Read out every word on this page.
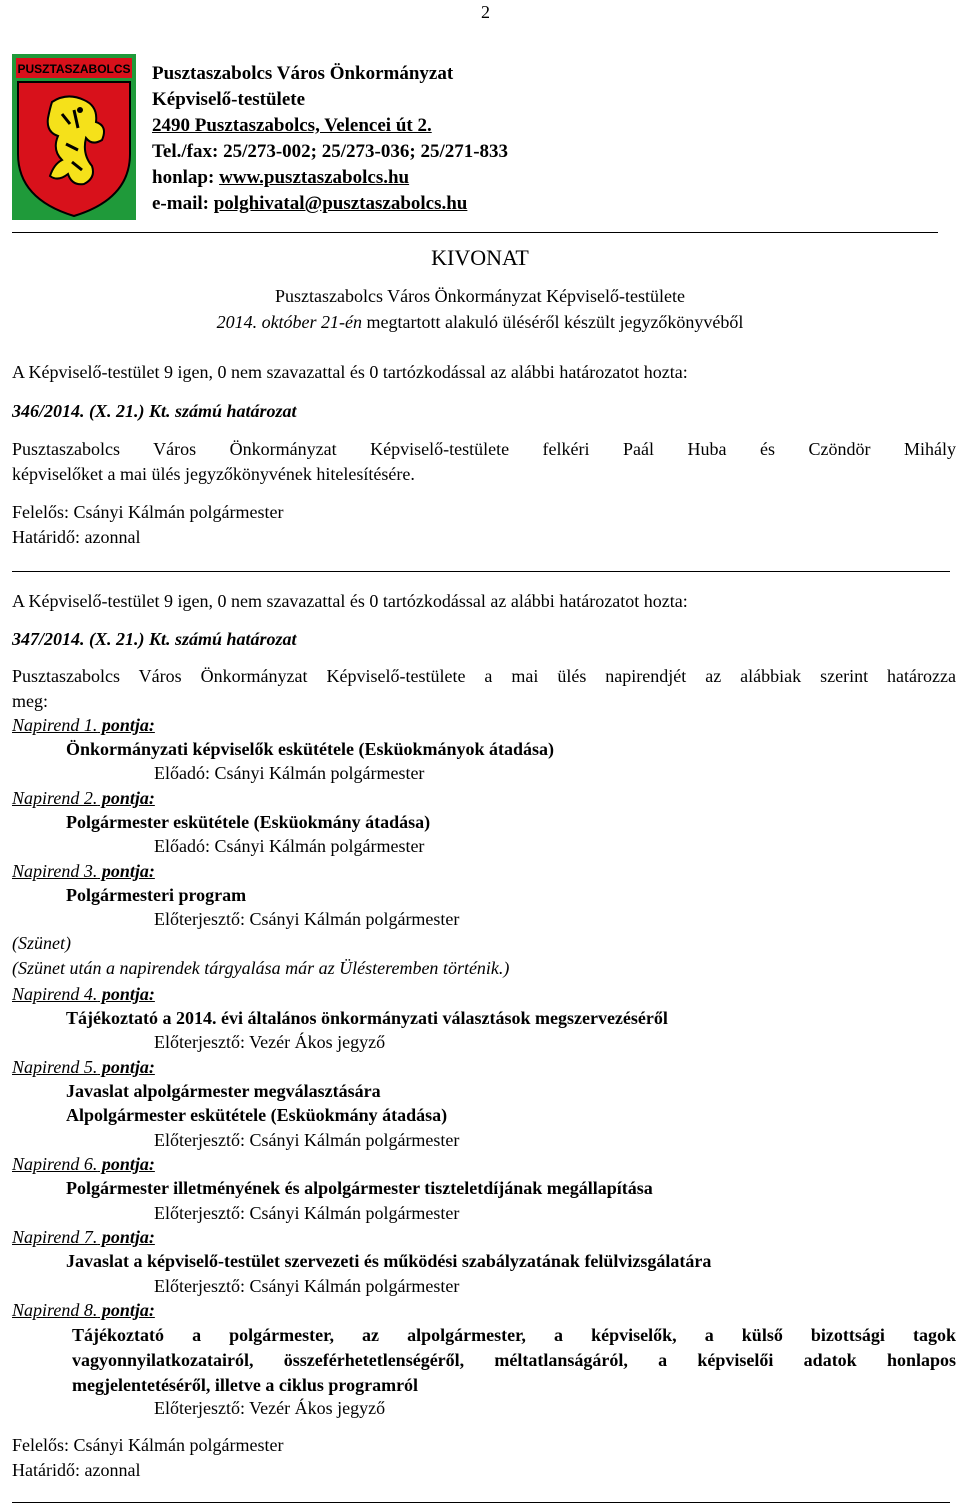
2
PUSZTASZABOLCS Pusztaszabolcs Város Önkormányzat
Képviselő-testülete
2490 Pusztaszabolcs, Velencei út 2.
Tel./fax: 25/273-002; 25/273-036; 25/271-833
honlap: www.pusztaszabolcs.hu
e-mail: polghivatal@pusztaszabolcs.hu
KIVONAT
Pusztaszabolcs Város Önkormányzat Képviselő-testülete
2014. október 21-én megtartott alakuló üléséről készült jegyzőkönyvéből
A Képviselő-testület 9 igen, 0 nem szavazattal és 0 tartózkodással az alábbi határozatot hozta:
346/2014. (X. 21.) Kt. számú határozat
Pusztaszabolcs Város Önkormányzat Képviselő-testülete felkéri Paál Huba és Czöndör Mihály
képviselőket a mai ülés jegyzőkönyvének hitelesítésére.
Felelős: Csányi Kálmán polgármester
Határidő: azonnal
A Képviselő-testület 9 igen, 0 nem szavazattal és 0 tartózkodással az alábbi határozatot hozta:
347/2014. (X. 21.) Kt. számú határozat
Pusztaszabolcs Város Önkormányzat Képviselő-testülete a mai ülés napirendjét az alábbiak szerint határozza
meg:
Napirend 1. pontja:
Önkormányzati képviselők eskütétele (Esküokmányok átadása)
Előadó: Csányi Kálmán polgármester
Napirend 2. pontja:
Polgármester eskütétele (Esküokmány átadása)
Előadó: Csányi Kálmán polgármester
Napirend 3. pontja:
Polgármesteri program
Előterjesztő: Csányi Kálmán polgármester
(Szünet)
(Szünet után a napirendek tárgyalása már az Ülésteremben történik.)
Napirend 4. pontja:
Tájékoztató a 2014. évi általános önkormányzati választások megszervezéséről
Előterjesztő: Vezér Ákos jegyző
Napirend 5. pontja:
Javaslat alpolgármester megválasztására
Alpolgármester eskütétele (Esküokmány átadása)
Előterjesztő: Csányi Kálmán polgármester
Napirend 6. pontja:
Polgármester illetményének és alpolgármester tiszteletdíjának megállapítása
Előterjesztő: Csányi Kálmán polgármester
Napirend 7. pontja:
Javaslat a képviselő-testület szervezeti és működési szabályzatának felülvizsgálatára
Előterjesztő: Csányi Kálmán polgármester
Napirend 8. pontja:
Tájékoztató a polgármester, az alpolgármester, a képviselők, a külső bizottsági tagok
vagyonnyilatkozatairól, összeférhetetlenségéről, méltatlanságáról, a képviselői adatok honlapos
megjelentetéséről, illetve a ciklus programról
Előterjesztő: Vezér Ákos jegyző
Felelős: Csányi Kálmán polgármester
Határidő: azonnal
